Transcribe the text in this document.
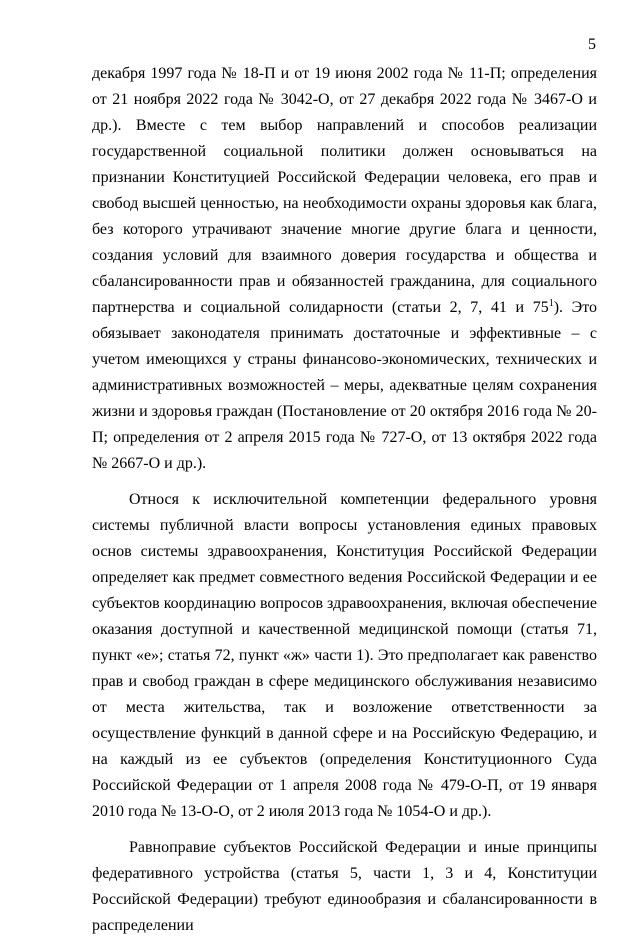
5

декабря 1997 года № 18-П и от 19 июня 2002 года № 11-П; определения от 21 ноября 2022 года № 3042-О, от 27 декабря 2022 года № 3467-О и др.). Вместе с тем выбор направлений и способов реализации государственной социальной политики должен основываться на признании Конституцией Российской Федерации человека, его прав и свобод высшей ценностью, на необходимости охраны здоровья как блага, без которого утрачивают значение многие другие блага и ценности, создания условий для взаимного доверия государства и общества и сбалансированности прав и обязанностей гражданина, для социального партнерства и социальной солидарности (статьи 2, 7, 41 и $75^1$). Это обязывает законодателя принимать достаточные и эффективные – с учетом имеющихся у страны финансово-экономических, технических и административных возможностей – меры, адекватные целям сохранения жизни и здоровья граждан (Постановление от 20 октября 2016 года № 20-П; определения от 2 апреля 2015 года № 727-О, от 13 октября 2022 года № 2667-О и др.).

Относя к исключительной компетенции федерального уровня системы публичной власти вопросы установления единых правовых основ системы здравоохранения, Конституция Российской Федерации определяет как предмет совместного ведения Российской Федерации и ее субъектов координацию вопросов здравоохранения, включая обеспечение оказания доступной и качественной медицинской помощи (статья 71, пункт «е»; статья 72, пункт «ж» части 1). Это предполагает как равенство прав и свобод граждан в сфере медицинского обслуживания независимо от места жительства, так и возложение ответственности за осуществление функций в данной сфере и на Российскую Федерацию, и на каждый из ее субъектов (определения Конституционного Суда Российской Федерации от 1 апреля 2008 года № 479-О-П, от 19 января 2010 года № 13-О-О, от 2 июля 2013 года № 1054-О и др.).

Равноправие субъектов Российской Федерации и иные принципы федеративного устройства (статья 5, части 1, 3 и 4, Конституции Российской Федерации) требуют единообразия и сбалансированности в распределении
